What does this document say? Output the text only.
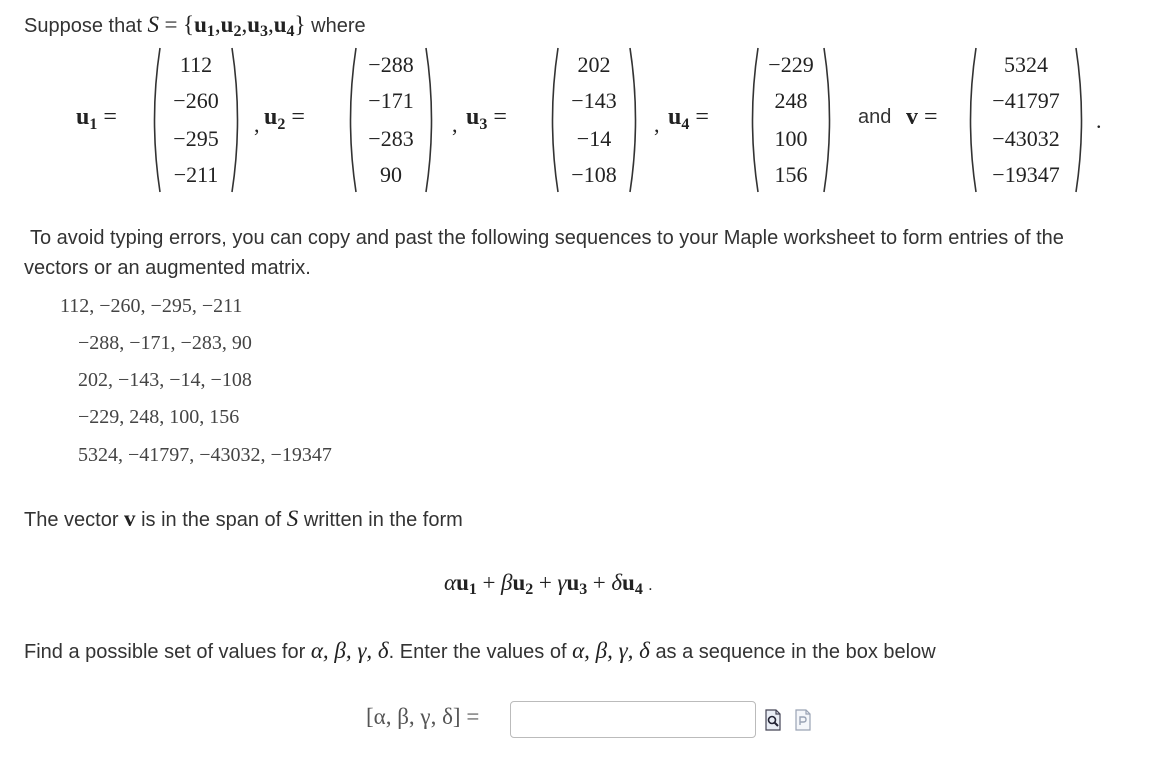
Suppose that $S = \{u_1,u_2,u_3,u_4\}$ where
$u_1$ =
112
−260
−295
−211
, $u_2$ =
−288
−171
−283
90
, $u_3$ =
202
−143
−14
−108
, $u_4$ =
−229
248
100
156
and v =
5324
−41797
−43032
−19347
.
To avoid typing errors, you can copy and past the following sequences to your Maple worksheet to form entries of the
vectors or an augmented matrix.
112, −260, −295, −211
−288, −171, −283, 90
202, −143, −14, −108
−229, 248, 100, 156
5324, −41797, −43032, −19347
The vector v is in the span of S written in the form
$\alpha u_1 + \beta u_2 + \gamma u_3 + \delta u_4$ .
Find a possible set of values for α, β, γ, δ. Enter the values of α, β, γ, δ as a sequence in the box below
[α, β, γ, δ] =
